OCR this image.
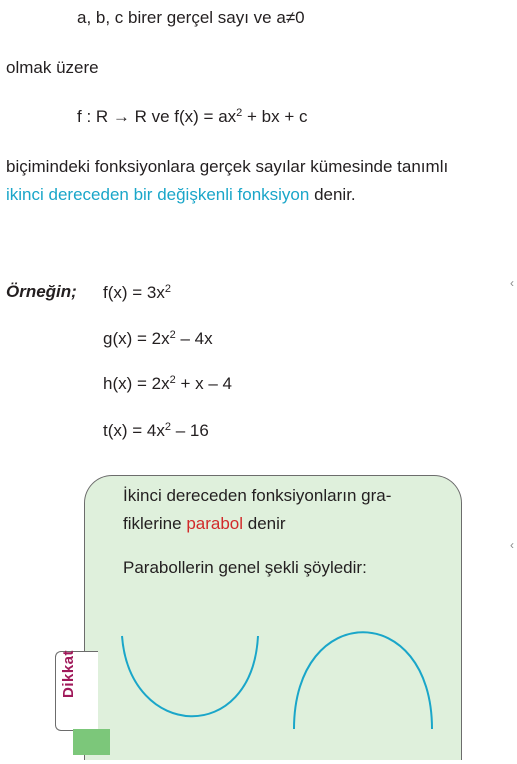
a, b, c birer gerçel sayı ve a≠0
olmak üzere
f : R → R ve $f(x) = ax^2$ + bx + c
biçimindeki fonksiyonlara gerçek sayılar kümesinde tanımlı
ikinci dereceden bir değişkenli fonksiyon denir.
Örneğin; $f(x) = 3x^2$
$g(x) = 2x^2 - 4x$
$h(x) = 2x^2 + x - 4$
$t(x) = 4x^2 - 16$
‹
‹
İkinci dereceden fonksiyonların gra-
fiklerine parabol denir
Parabollerin genel şekli şöyledir:
Dikkat
